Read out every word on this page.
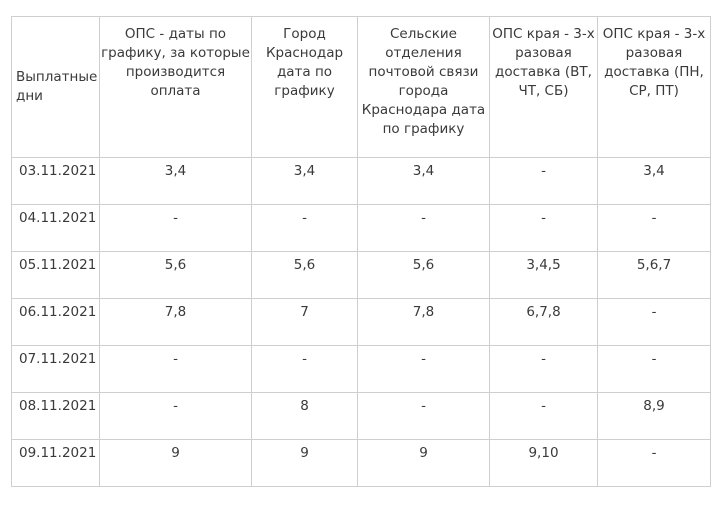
Выплатные дни	ОПС - даты по графику, за которые производится оплата	Город Краснодар дата по графику	Сельские отделения почтовой связи города Краснодара дата по графику	ОПС края - 3-х разовая доставка (ВТ, ЧТ, СБ)	ОПС края - 3-х разовая доставка (ПН, СР, ПТ)
03.11.2021	3,4	3,4	3,4	-	3,4
04.11.2021	-	-	-	-	-
05.11.2021	5,6	5,6	5,6	3,4,5	5,6,7
06.11.2021	7,8	7	7,8	6,7,8	-
07.11.2021	-	-	-	-	-
08.11.2021	-	8	-	-	8,9
09.11.2021	9	9	9	9,10	-
